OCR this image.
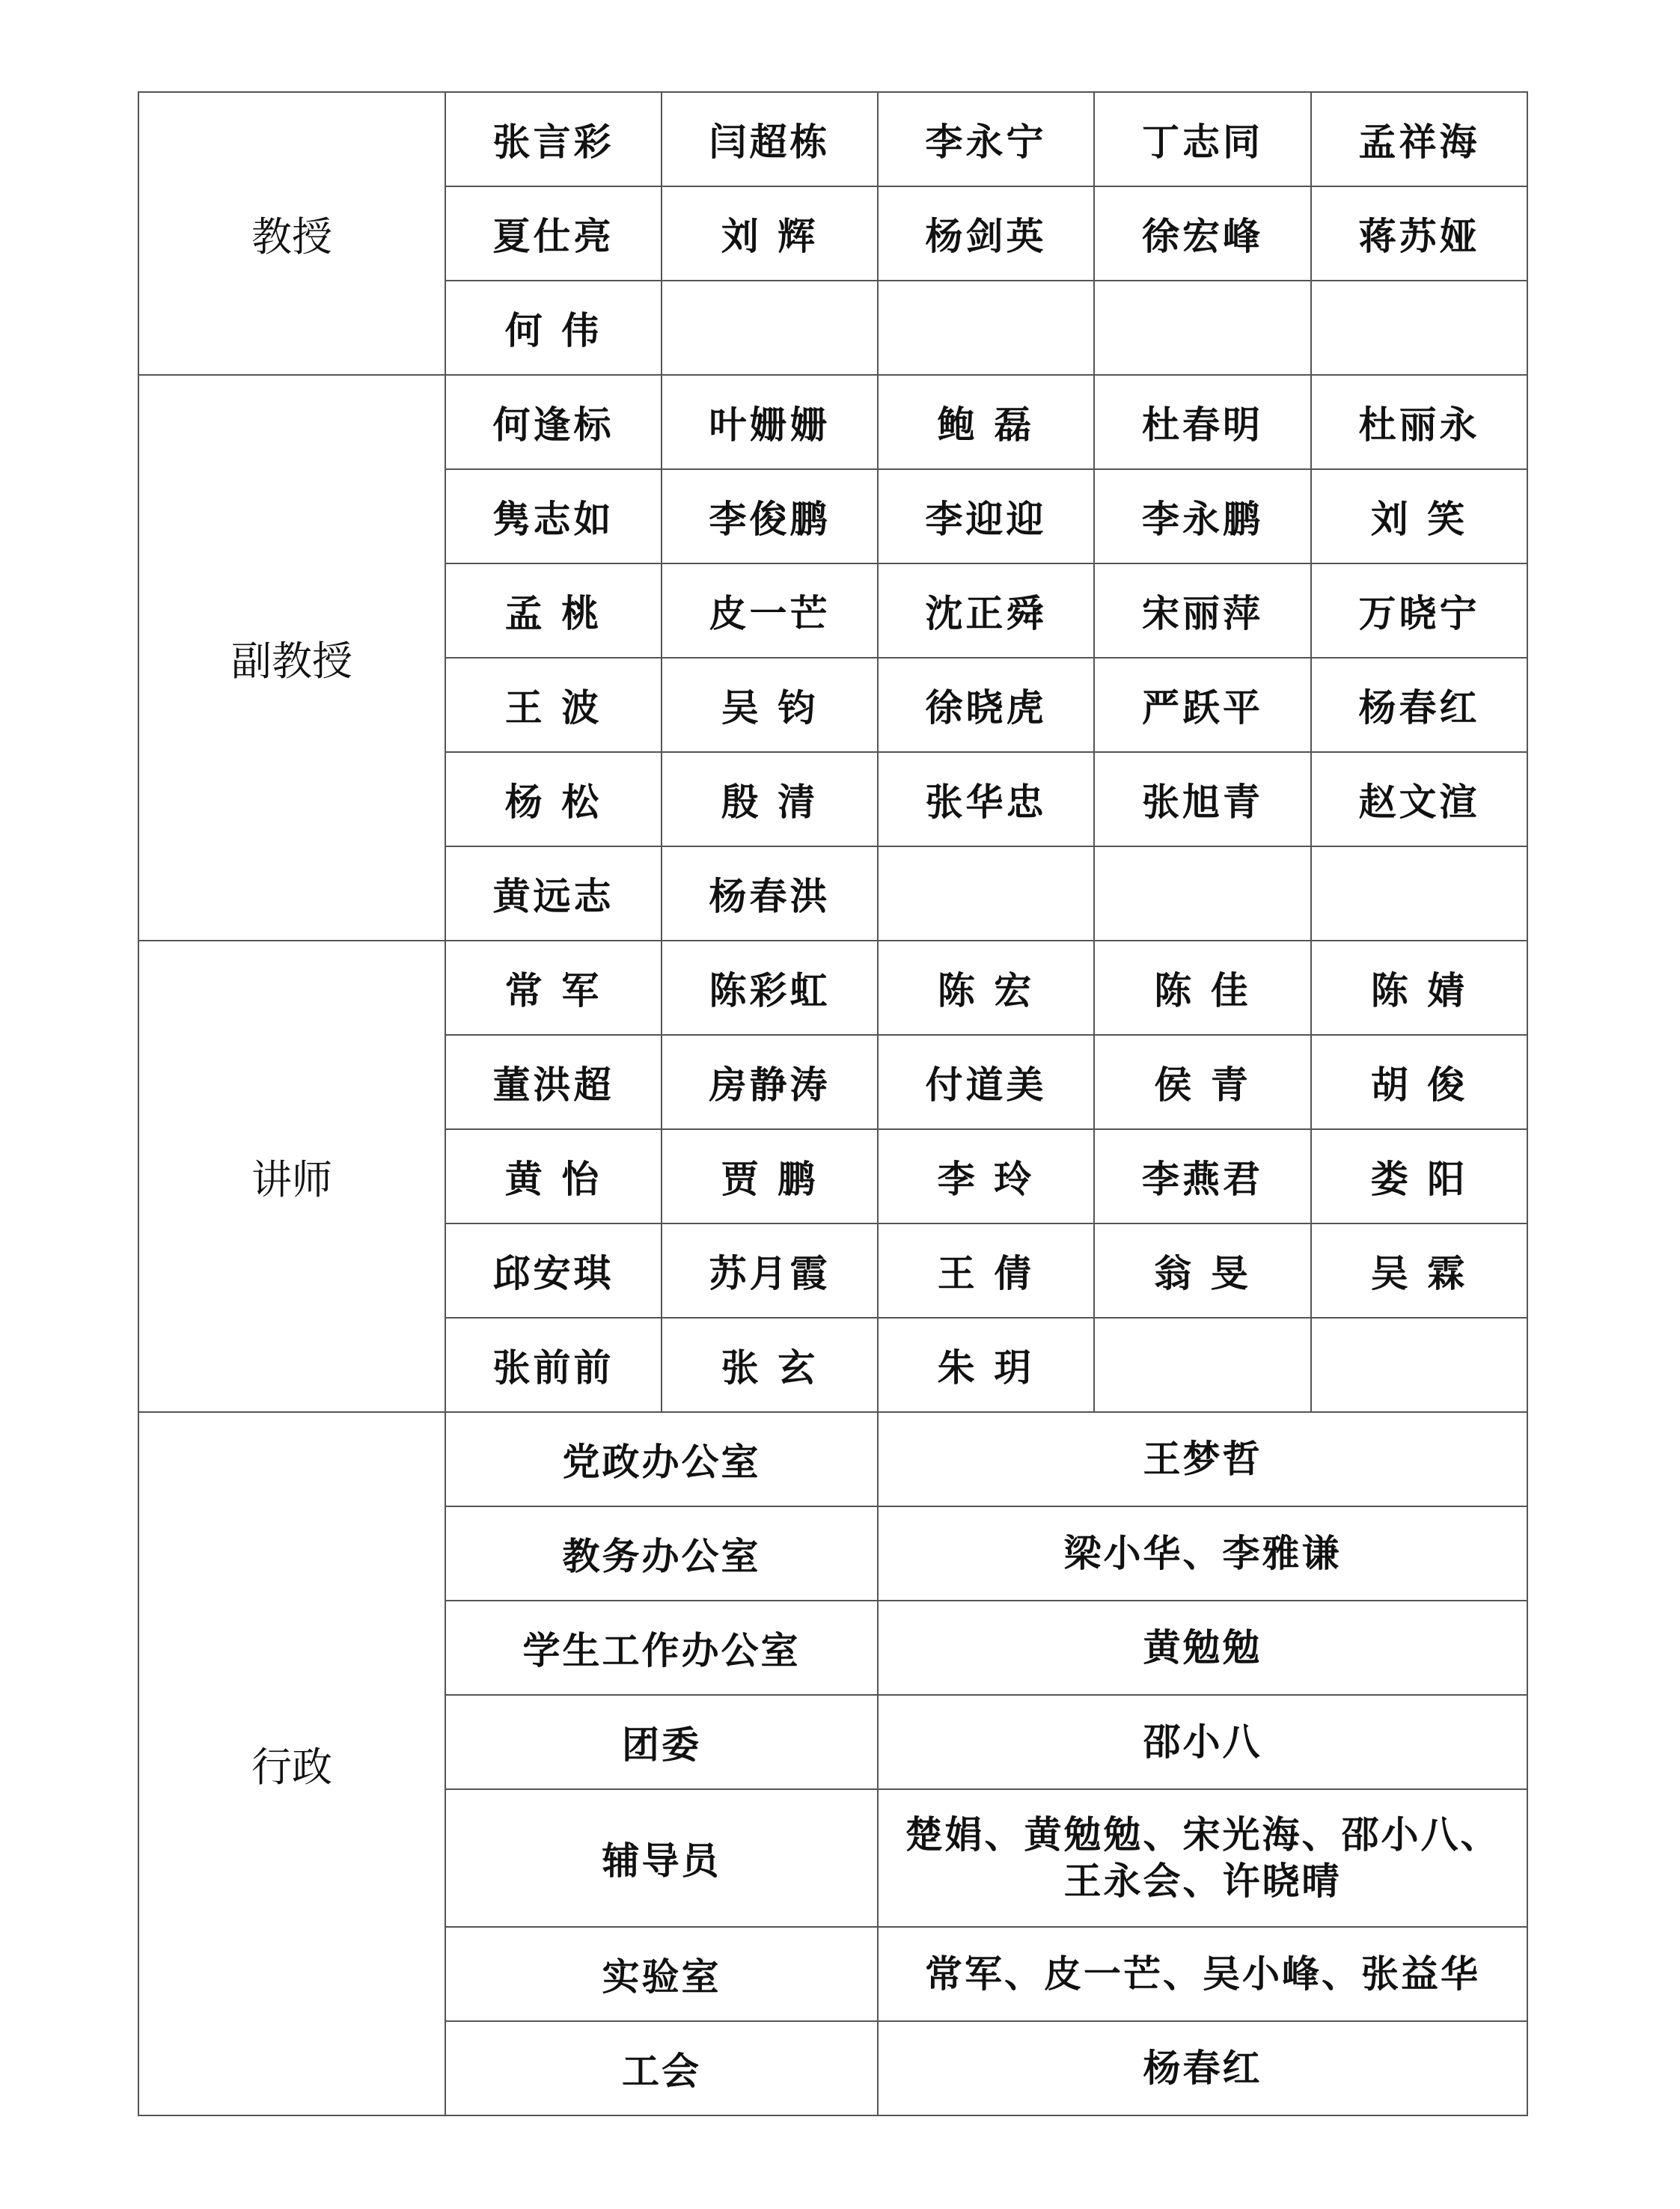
教授	张言彩	闫超栋	李永宁	丁志同	孟祥海
	夏仕亮	刘 辉	杨剑英	徐宏峰	蒋苏娅
	何 伟				
副教授	何逢标	叶姗姗	鲍 磊	杜春明	杜丽永
	隽志如	李俊鹏	李迎迎	李永鹏	刘 笑
	孟 桃	皮一芒	沈正舜	宋丽萍	万晓宁
	王 波	吴 钧	徐晓虎	严跃平	杨春红
	杨 松	殷 清	张华忠	张旭青	赵文渲
	黄远志	杨春洪			
讲师	常 军	陈彩虹	陈 宏	陈 佳	陈 婧
	董洪超	房静涛	付道美	侯 青	胡 俊
	黄 怡	贾 鹏	李 玲	李燕君	娄 阳
	邱安琪	苏月霞	王 倩	翁 旻	吴 霖
	张前前	张 玄	朱 玥		
行政	党政办公室		王梦哲		
	教务办公室		梁小华、李雅谦		
	学生工作办公室		黄勉勉		
	团委		邵小八		
	辅导员		楚娟、黄勉勉、宋光海、邵小八、
王永会、许晓晴		

	实验室		常军、皮一芒、吴小峰、张益华		
	工会		杨春红		
